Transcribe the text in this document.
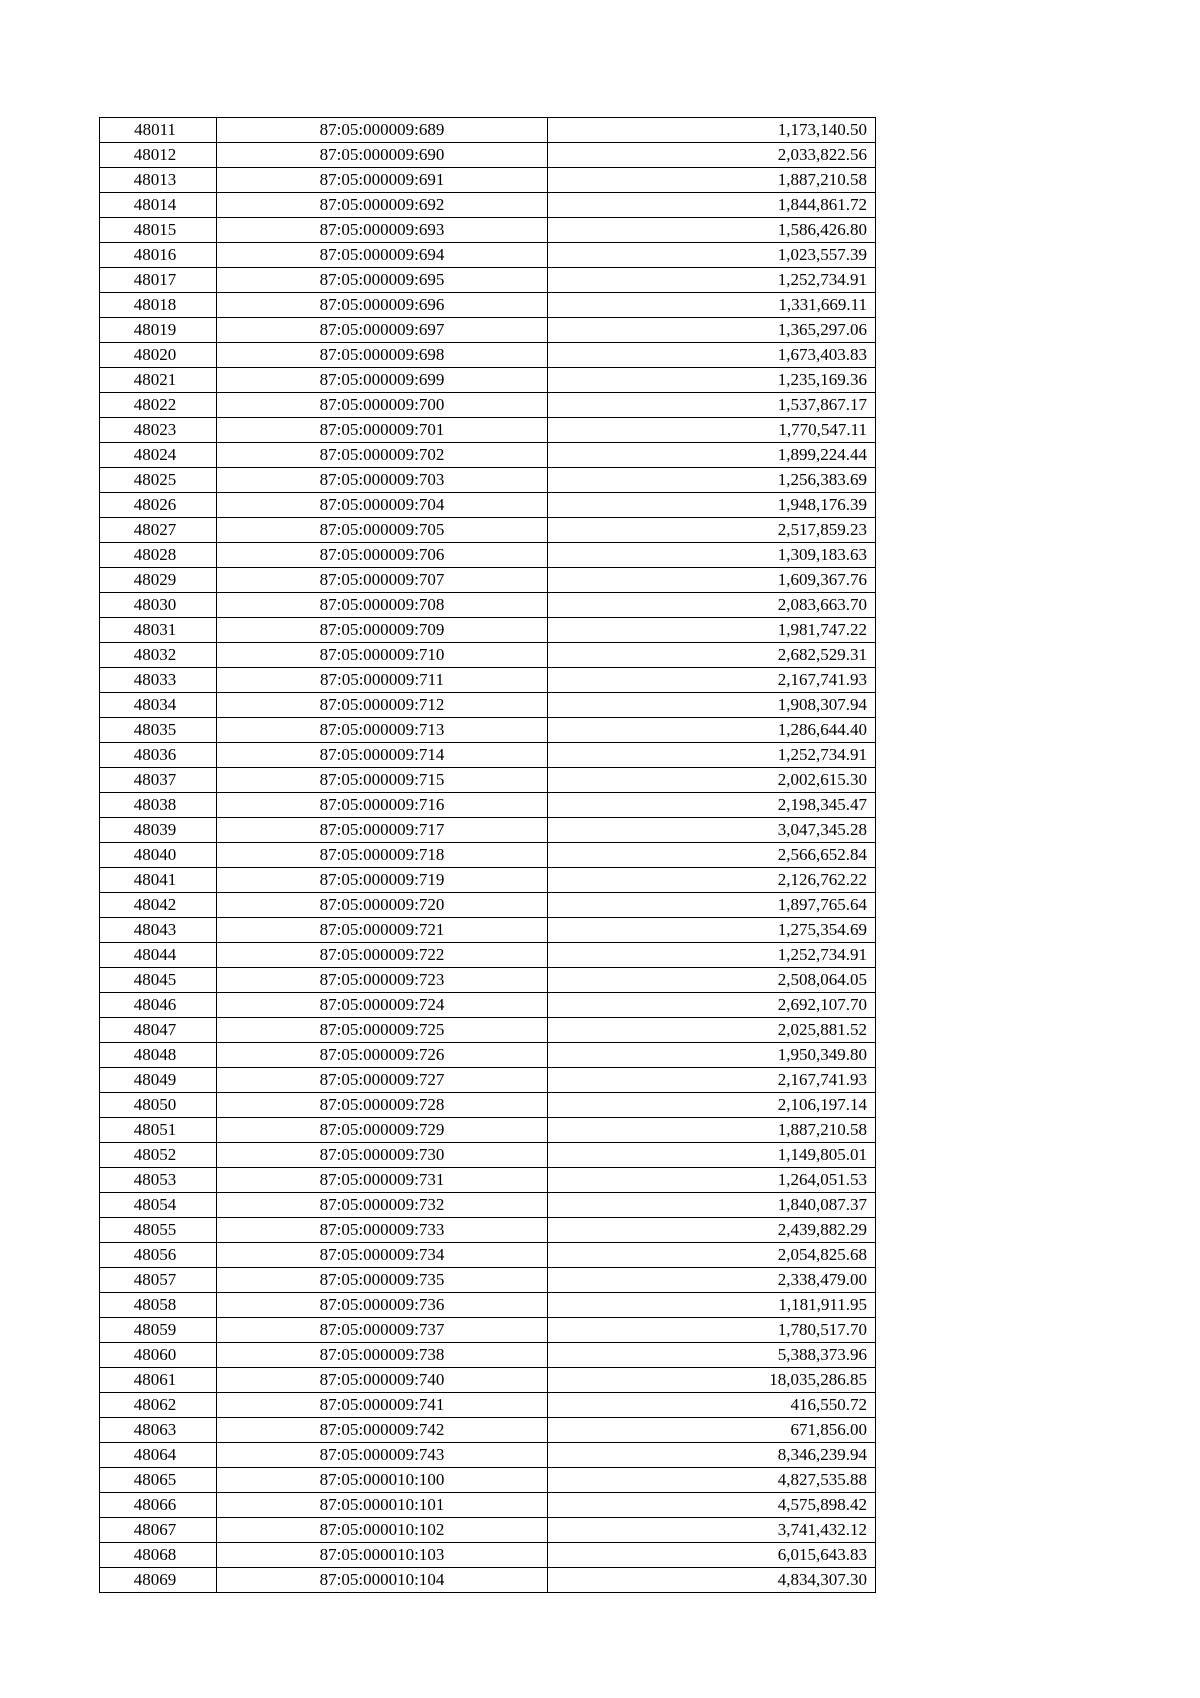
48011	87:05:000009:689	1,173,140.50
48012	87:05:000009:690	2,033,822.56
48013	87:05:000009:691	1,887,210.58
48014	87:05:000009:692	1,844,861.72
48015	87:05:000009:693	1,586,426.80
48016	87:05:000009:694	1,023,557.39
48017	87:05:000009:695	1,252,734.91
48018	87:05:000009:696	1,331,669.11
48019	87:05:000009:697	1,365,297.06
48020	87:05:000009:698	1,673,403.83
48021	87:05:000009:699	1,235,169.36
48022	87:05:000009:700	1,537,867.17
48023	87:05:000009:701	1,770,547.11
48024	87:05:000009:702	1,899,224.44
48025	87:05:000009:703	1,256,383.69
48026	87:05:000009:704	1,948,176.39
48027	87:05:000009:705	2,517,859.23
48028	87:05:000009:706	1,309,183.63
48029	87:05:000009:707	1,609,367.76
48030	87:05:000009:708	2,083,663.70
48031	87:05:000009:709	1,981,747.22
48032	87:05:000009:710	2,682,529.31
48033	87:05:000009:711	2,167,741.93
48034	87:05:000009:712	1,908,307.94
48035	87:05:000009:713	1,286,644.40
48036	87:05:000009:714	1,252,734.91
48037	87:05:000009:715	2,002,615.30
48038	87:05:000009:716	2,198,345.47
48039	87:05:000009:717	3,047,345.28
48040	87:05:000009:718	2,566,652.84
48041	87:05:000009:719	2,126,762.22
48042	87:05:000009:720	1,897,765.64
48043	87:05:000009:721	1,275,354.69
48044	87:05:000009:722	1,252,734.91
48045	87:05:000009:723	2,508,064.05
48046	87:05:000009:724	2,692,107.70
48047	87:05:000009:725	2,025,881.52
48048	87:05:000009:726	1,950,349.80
48049	87:05:000009:727	2,167,741.93
48050	87:05:000009:728	2,106,197.14
48051	87:05:000009:729	1,887,210.58
48052	87:05:000009:730	1,149,805.01
48053	87:05:000009:731	1,264,051.53
48054	87:05:000009:732	1,840,087.37
48055	87:05:000009:733	2,439,882.29
48056	87:05:000009:734	2,054,825.68
48057	87:05:000009:735	2,338,479.00
48058	87:05:000009:736	1,181,911.95
48059	87:05:000009:737	1,780,517.70
48060	87:05:000009:738	5,388,373.96
48061	87:05:000009:740	18,035,286.85
48062	87:05:000009:741	416,550.72
48063	87:05:000009:742	671,856.00
48064	87:05:000009:743	8,346,239.94
48065	87:05:000010:100	4,827,535.88
48066	87:05:000010:101	4,575,898.42
48067	87:05:000010:102	3,741,432.12
48068	87:05:000010:103	6,015,643.83
48069	87:05:000010:104	4,834,307.30
